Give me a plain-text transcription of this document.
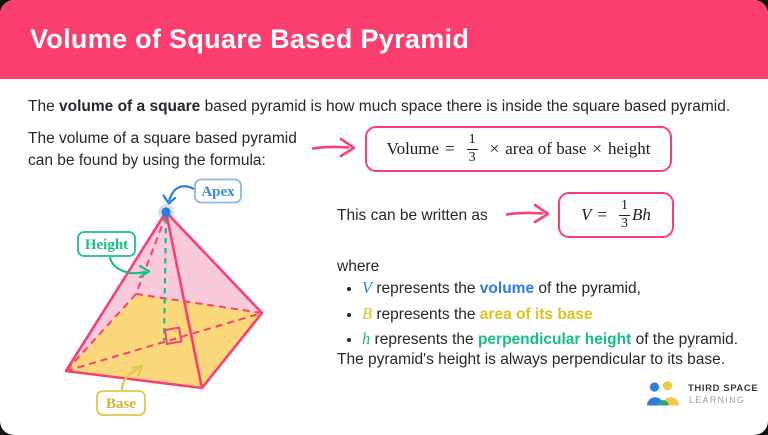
Volume of Square Based Pyramid

The volume of a square based pyramid is how much space there is inside the square based pyramid.

The volume of a square based pyramid
can be found by using the formula:

Volume = $\frac{1}{3}$ × area of base × height

This can be written as	$V = \frac{1}{3}$ Bh

where

• V represents the volume of the pyramid,
• B represents the area of its base
• h represents the perpendicular height of the pyramid.

The pyramid's height is always perpendicular to its base.

Apex
Height
Base
THIRD SPACE
LEARNING
